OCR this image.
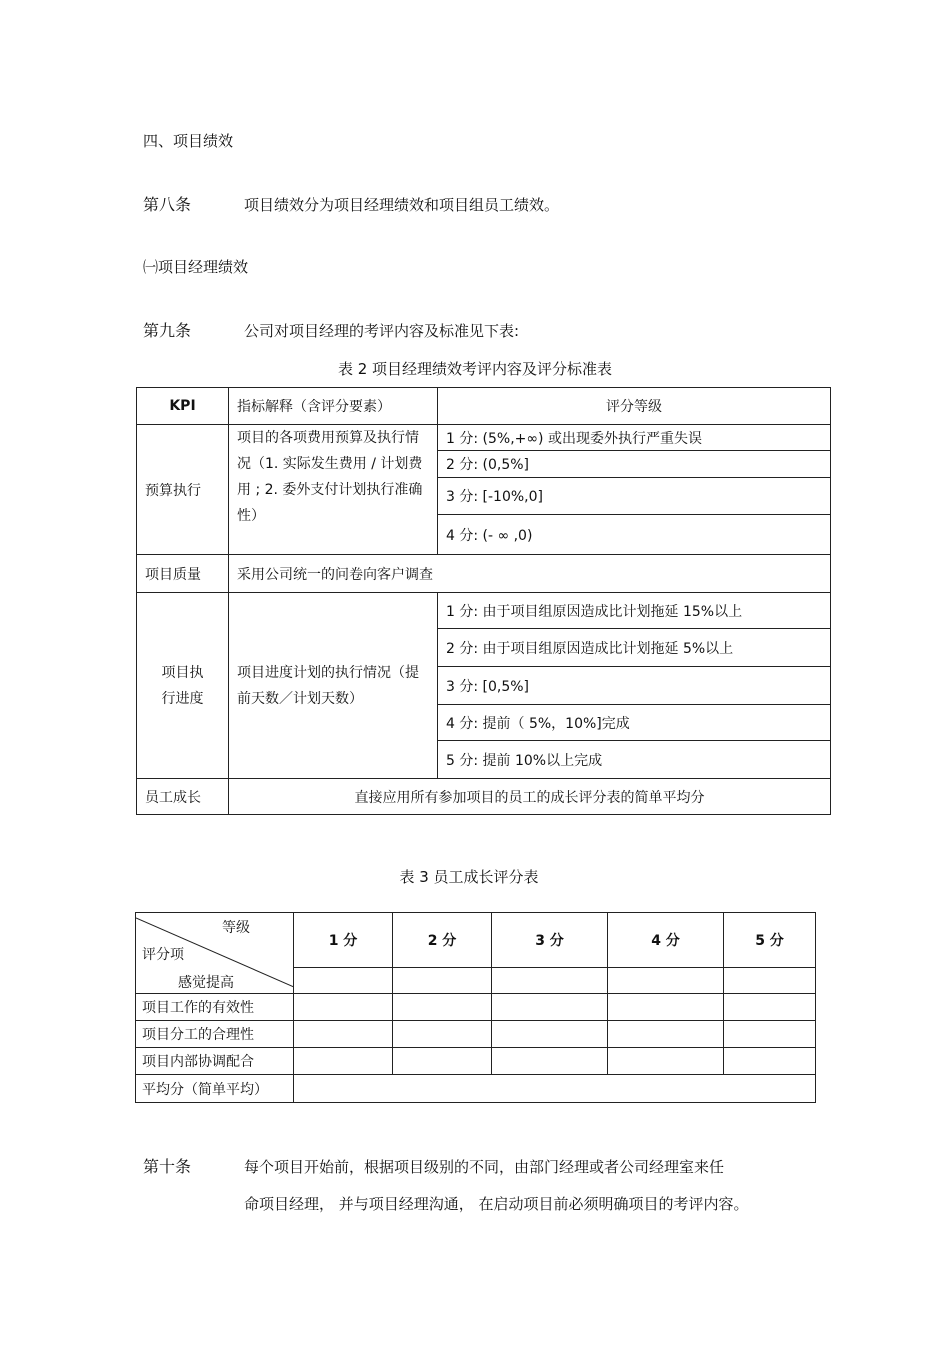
四、项目绩效
第八条	项目绩效分为项目经理绩效和项目组员工绩效。
㈠项目经理绩效
第九条	公司对项目经理的考评内容及标准见下表:
表 2 项目经理绩效考评内容及评分标准表
KPI	指标解释（含评分要素）	评分等级
预算执行	项目的各项费用预算及执行情况（1. 实际发生费用 / 计划费用 ; 2. 委外支付计划执行准确性）	1 分: (5%,+∞) 或出现委外执行严重失误
		2 分: (0,5%]
		3 分: [-10%,0]
		4 分: (- ∞ ,0)
项目质量	采用公司统一的问卷向客户调查	
项目执行进度	项目进度计划的执行情况（提前天数／计划天数）	1 分: 由于项目组原因造成比计划拖延 15%以上
		2 分: 由于项目组原因造成比计划拖延 5%以上
		3 分: [0,5%]
		4 分: 提前（ 5%，10%]完成
		5 分: 提前 10%以上完成
员工成长	直接应用所有参加项目的员工的成长评分表的简单平均分	
表 3 员工成长评分表
等级
评分项
感觉提高	1 分	2 分	3 分	4 分	5 分

项目工作的有效性					
项目分工的合理性					
项目内部协调配合					
平均分（简单平均）					
第十条	每个项目开始前，根据项目级别的不同，由部门经理或者公司经理室来任
命项目经理， 并与项目经理沟通， 在启动项目前必须明确项目的考评内容。
